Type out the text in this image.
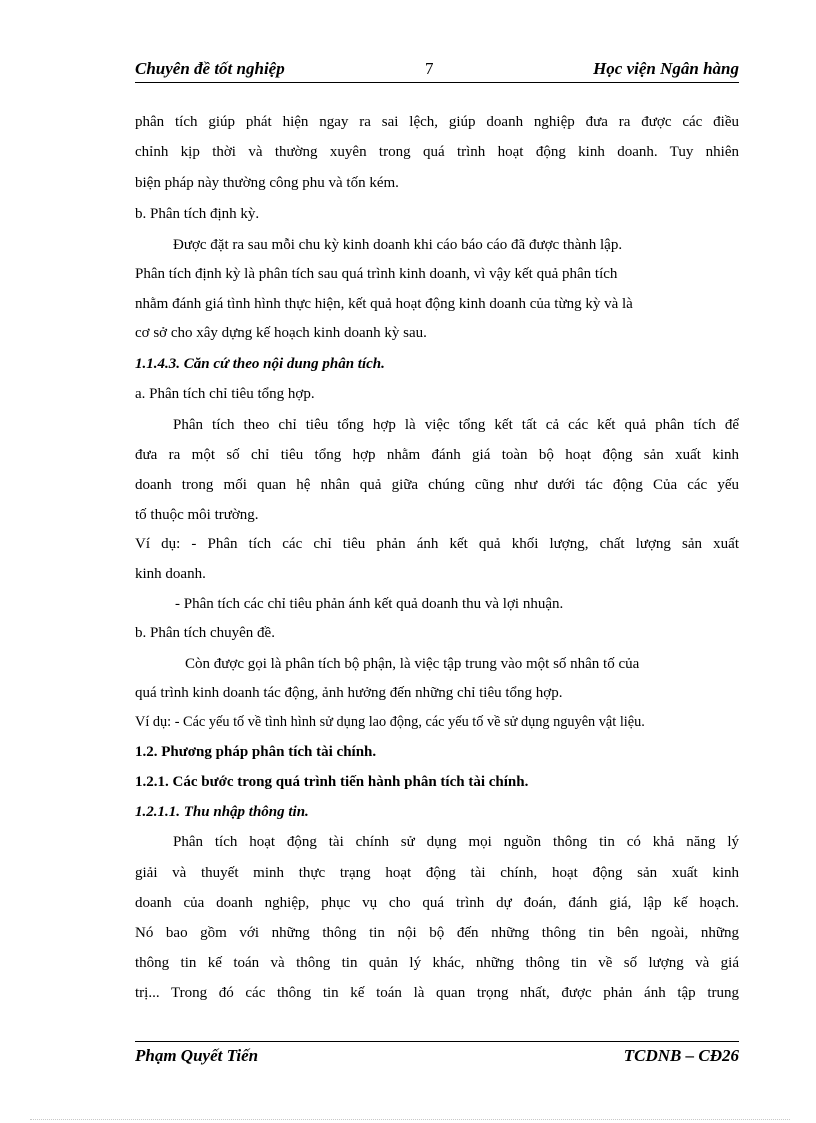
Chuyên đề tốt nghiệp	7	Học viện Ngân hàng
phân tích giúp phát hiện ngay ra sai lệch, giúp doanh nghiệp đưa ra được các điều
chỉnh kịp thời và thường xuyên trong quá trình hoạt động kinh doanh. Tuy nhiên
biện pháp này thường công phu và tốn kém.
b. Phân tích định kỳ.
Được đặt ra sau mỗi chu kỳ kinh doanh khi cáo báo cáo đã được thành lập.
Phân tích định kỳ là phân tích sau quá trình kinh doanh, vì vậy kết quả phân tích
nhằm đánh giá tình hình thực hiện, kết quả hoạt động kinh doanh của từng kỳ và là
cơ sở cho xây dựng kế hoạch kinh doanh kỳ sau.
1.1.4.3. Căn cứ theo nội dung phân tích.
a. Phân tích chỉ tiêu tổng hợp.
Phân tích theo chỉ tiêu tổng hợp là việc tổng kết tất cả các kết quả phân tích để
đưa ra một số chỉ tiêu tổng hợp nhằm đánh giá toàn bộ hoạt động sản xuất kinh
doanh trong mối quan hệ nhân quả giữa chúng cũng như dưới tác động Của các yếu
tố thuộc môi trường.
Ví dụ: - Phân tích các chỉ tiêu phản ánh kết quả khối lượng, chất lượng sản xuất
kinh doanh.
- Phân tích các chỉ tiêu phản ánh kết quả doanh thu và lợi nhuận.
b. Phân tích chuyên đề.
Còn được gọi là phân tích bộ phận, là việc tập trung vào một số nhân tố của
quá trình kinh doanh tác động, ảnh hưởng đến những chỉ tiêu tổng hợp.
Ví dụ: - Các yếu tố về tình hình sử dụng lao động, các yếu tố về sử dụng nguyên vật liệu.
1.2. Phương pháp phân tích tài chính.
1.2.1. Các bước trong quá trình tiến hành phân tích tài chính.
1.2.1.1. Thu nhập thông tin.
Phân tích hoạt động tài chính sử dụng mọi nguồn thông tin có khả năng lý
giải và thuyết minh thực trạng hoạt động tài chính, hoạt động sản xuất kinh
doanh của doanh nghiệp, phục vụ cho quá trình dự đoán, đánh giá, lập kế hoạch.
Nó bao gồm với những thông tin nội bộ đến những thông tin bên ngoài, những
thông tin kế toán và thông tin quản lý khác, những thông tin về số lượng và giá
trị... Trong đó các thông tin kế toán là quan trọng nhất, được phản ánh tập trung
Phạm Quyết Tiến	TCDNB – CĐ26
